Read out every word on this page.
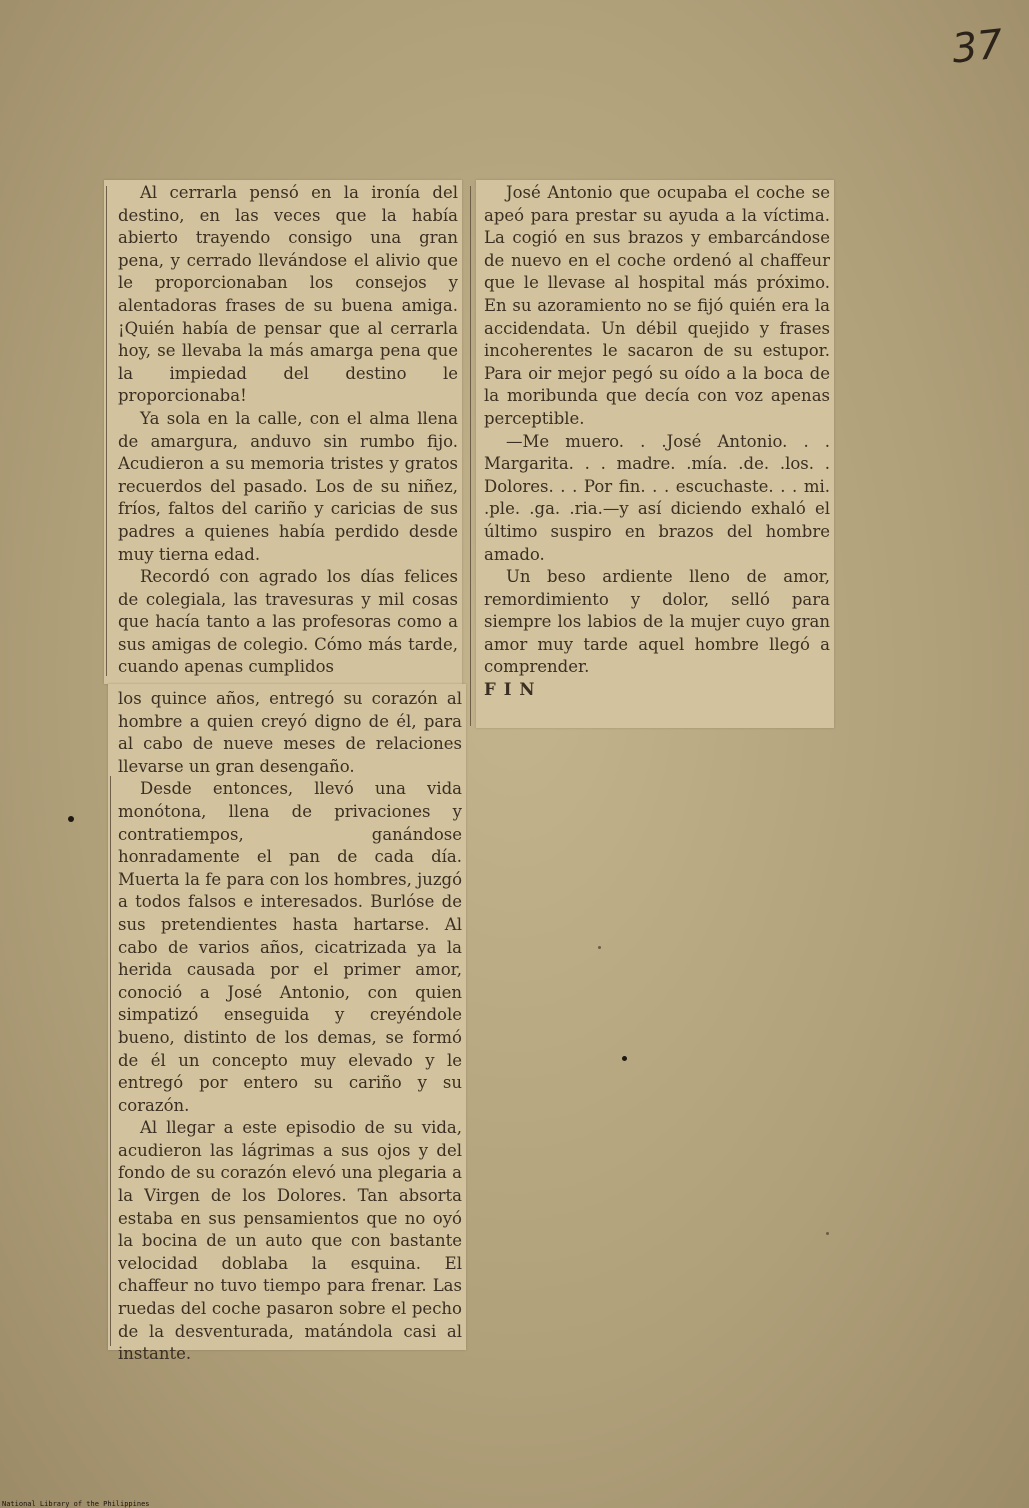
37

Al cerrarla pensó en la ironía del destino, en las veces que la había abierto trayendo consigo una gran pena, y cerrado llevándose el alivio que le proporcionaban los consejos y alentadoras frases de su buena amiga. ¡Quién había de pensar que al cerrarla hoy, se llevaba la más amarga pena que la impiedad del destino le proporcionaba!

Ya sola en la calle, con el alma llena de amargura, anduvo sin rumbo fijo. Acudieron a su memoria tristes y gratos recuerdos del pasado. Los de su niñez, fríos, faltos del cariño y caricias de sus padres a quienes había perdido desde muy tierna edad.

Recordó con agrado los días felices de colegiala, las travesuras y mil cosas que hacía tanto a las profesoras como a sus amigas de colegio. Cómo más tarde, cuando apenas cumplidos

los quince años, entregó su corazón al hombre a quien creyó digno de él, para al cabo de nueve meses de relaciones llevarse un gran desengaño.

Desde entonces, llevó una vida monótona, llena de privaciones y contratiempos, ganándose honradamente el pan de cada día. Muerta la fe para con los hombres, juzgó a todos falsos e interesados. Burlóse de sus pretendientes hasta hartarse. Al cabo de varios años, cicatrizada ya la herida causada por el primer amor, conoció a José Antonio, con quien simpatizó enseguida y creyéndole bueno, distinto de los demas, se formó de él un concepto muy elevado y le entregó por entero su cariño y su corazón.

Al llegar a este episodio de su vida, acudieron las lágrimas a sus ojos y del fondo de su corazón elevó una plegaria a la Virgen de los Dolores. Tan absorta estaba en sus pensamientos que no oyó la bocina de un auto que con bastante velocidad doblaba la esquina. El chaffeur no tuvo tiempo para frenar. Las ruedas del coche pasaron sobre el pecho de la desventurada, matándola casi al instante.

José Antonio que ocupaba el coche se apeó para prestar su ayuda a la víctima. La cogió en sus brazos y embarcándose de nuevo en el coche ordenó al chaffeur que le llevase al hospital más próximo. En su azoramiento no se fijó quién era la accidendata. Un débil quejido y frases incoherentes le sacaron de su estupor. Para oir mejor pegó su oído a la boca de la moribunda que decía con voz apenas perceptible.

—Me muero. . .José Antonio. . . Margarita. . . madre. .mía. .de. .los. . Dolores. . . Por fin. . . escuchaste. . . mi. .ple. .ga. .ria.—y así diciendo exhaló el último suspiro en brazos del hombre amado.

Un beso ardiente lleno de amor, remordimiento y dolor, selló para siempre los labios de la mujer cuyo gran amor muy tarde aquel hombre llegó a comprender.

FIN

National Library of the Philippines
